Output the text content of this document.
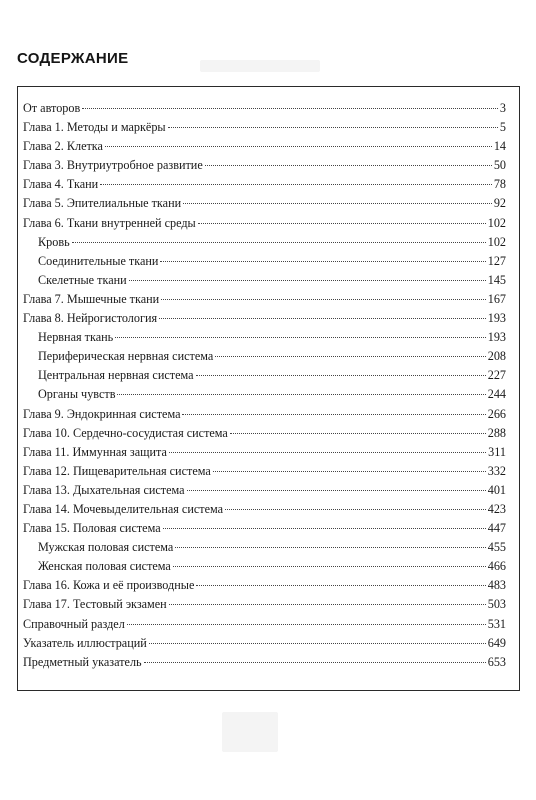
СОДЕРЖАНИЕ
От авторов	3
Глава 1. Методы и маркёры	5
Глава 2. Клетка	14
Глава 3. Внутриутробное развитие	50
Глава 4. Ткани	78
Глава 5. Эпителиальные ткани	92
Глава 6. Ткани внутренней среды	102
Кровь	102
Соединительные ткани	127
Скелетные ткани	145
Глава 7. Мышечные ткани	167
Глава 8. Нейрогистология	193
Нервная ткань	193
Периферическая нервная система	208
Центральная нервная система	227
Органы чувств	244
Глава 9. Эндокринная система	266
Глава 10. Сердечно-сосудистая система	288
Глава 11. Иммунная защита	311
Глава 12. Пищеварительная система	332
Глава 13. Дыхательная система	401
Глава 14. Мочевыделительная система	423
Глава 15. Половая система	447
Мужская половая система	455
Женская половая система	466
Глава 16. Кожа и её производные	483
Глава 17. Тестовый экзамен	503
Справочный раздел	531
Указатель иллюстраций	649
Предметный указатель	653
